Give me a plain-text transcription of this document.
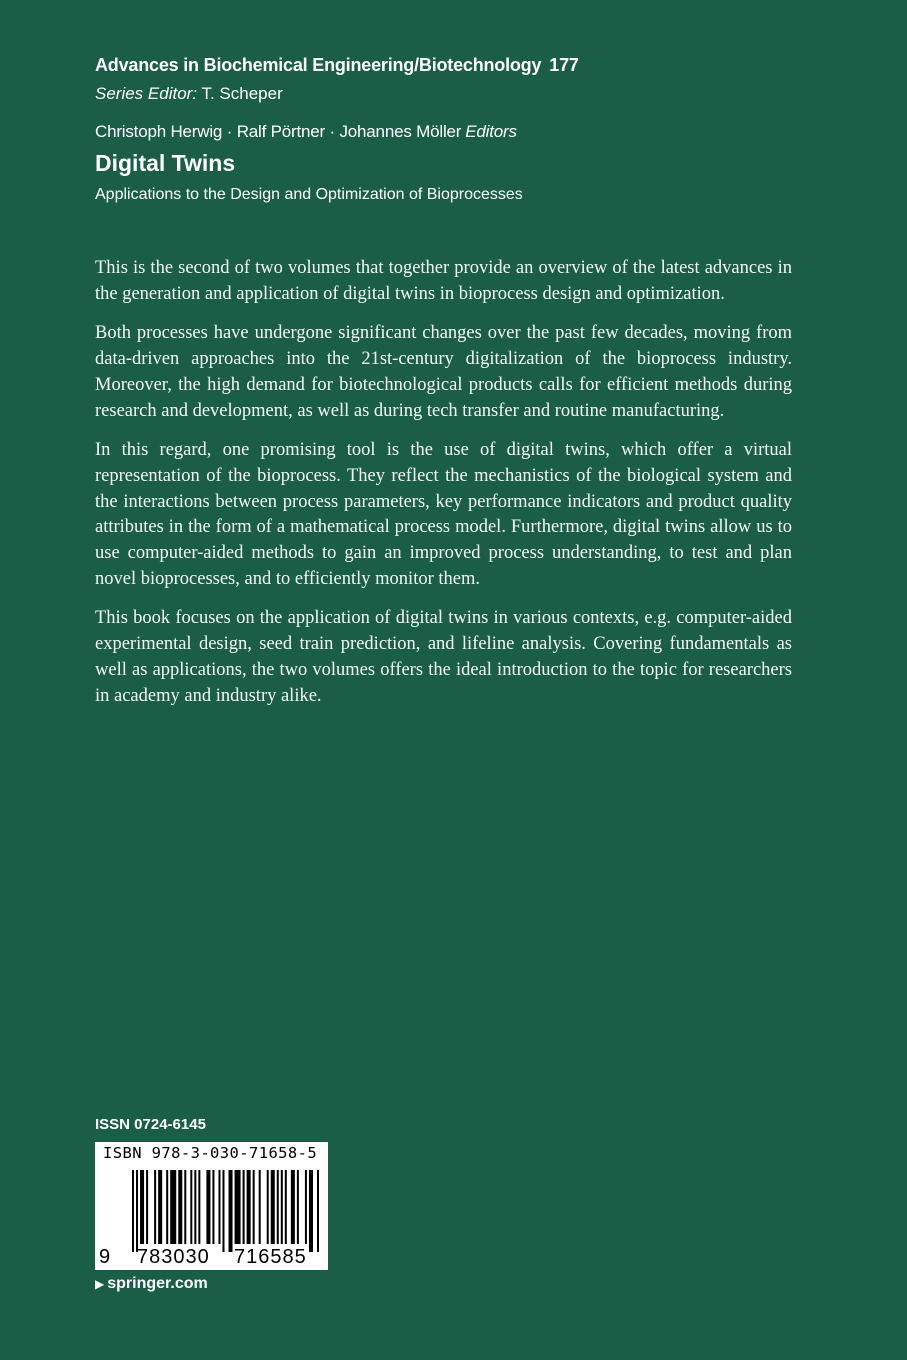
Advances in Biochemical Engineering/Biotechnology 177
Series Editor: T. Scheper
Christoph Herwig · Ralf Pörtner · Johannes Möller Editors
Digital Twins
Applications to the Design and Optimization of Bioprocesses

This is the second of two volumes that together provide an overview of the latest advances in the generation and application of digital twins in bioprocess design and optimization.

Both processes have undergone significant changes over the past few decades, moving from data-driven approaches into the 21st-century digitalization of the bioprocess industry. Moreover, the high demand for biotechnological products calls for efficient methods during research and development, as well as during tech transfer and routine manufacturing.

In this regard, one promising tool is the use of digital twins, which offer a virtual representation of the bioprocess. They reflect the mechanistics of the biological system and the interactions between process parameters, key performance indicators and product quality attributes in the form of a mathematical process model. Furthermore, digital twins allow us to use computer-aided methods to gain an improved process understanding, to test and plan novel bioprocesses, and to efficiently monitor them.

This book focuses on the application of digital twins in various contexts, e.g. computer-aided experimental design, seed train prediction, and lifeline analysis. Covering fundamentals as well as applications, the two volumes offers the ideal introduction to the topic for researchers in academy and industry alike.

ISSN 0724-6145
ISBN 978-3-030-71658-5
9 783030 716585
▶ springer.com
